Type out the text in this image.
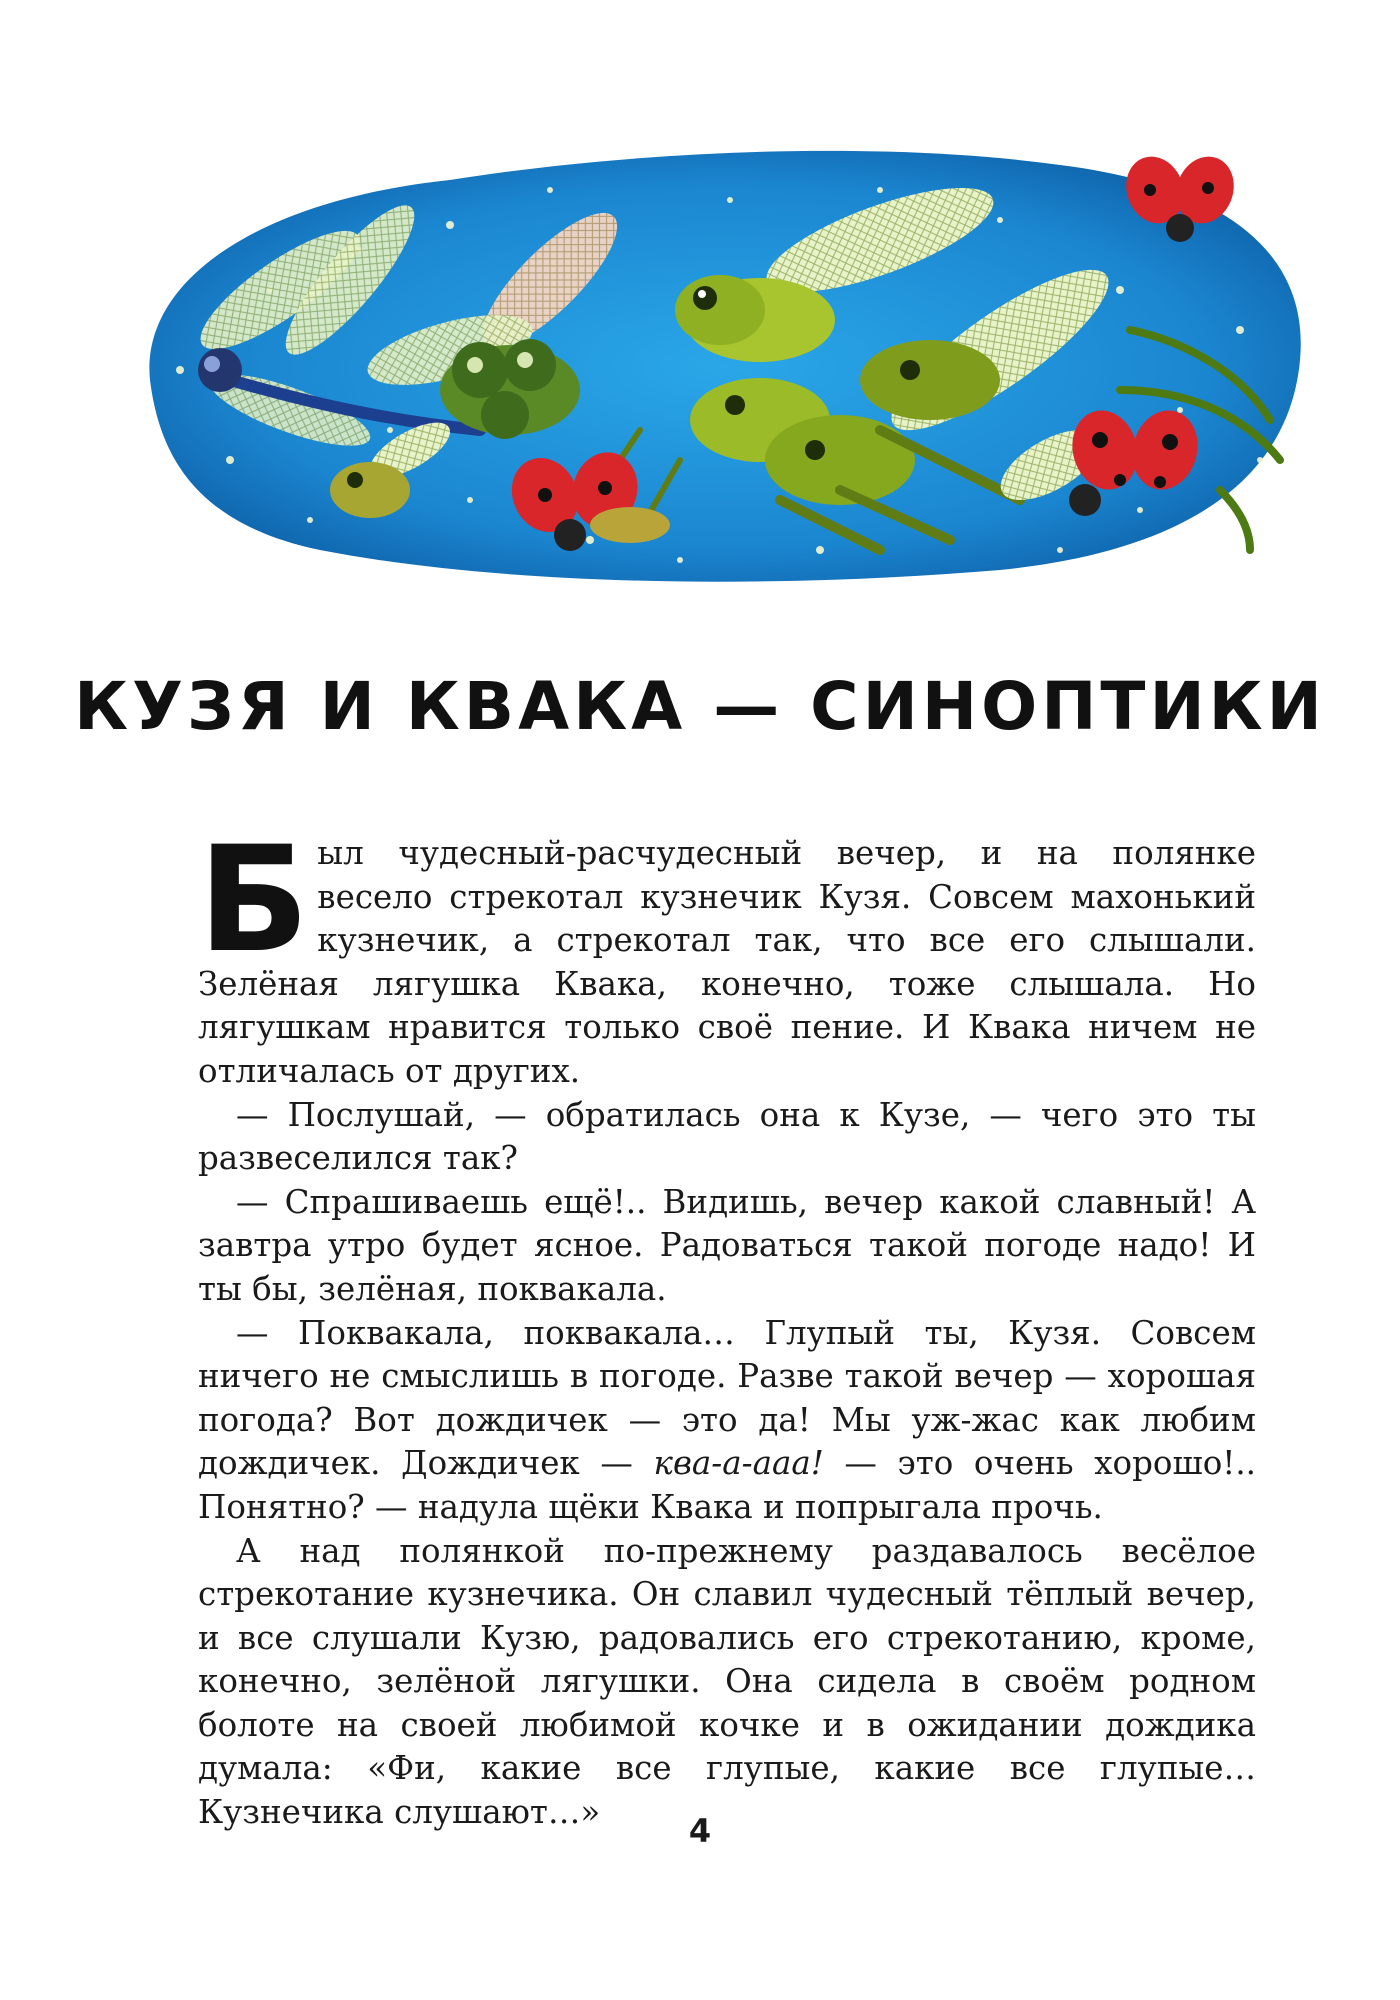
КУЗЯ И КВАКА — СИНОПТИКИ

Был чудесный-расчудесный вечер, и на полянке весело стрекотал кузнечик Кузя. Совсем махонький кузнечик, а стрекотал так, что все его слышали. Зелёная лягушка Квака, конечно, тоже слышала. Но лягушкам нравится только своё пение. И Квака ничем не отличалась от других.

— Послушай, — обратилась она к Кузе, — чего это ты развеселился так?

— Спрашиваешь ещё!.. Видишь, вечер какой славный! А завтра утро будет ясное. Радоваться такой погоде надо! И ты бы, зелёная, поквакала.

— Поквакала, поквакала… Глупый ты, Кузя. Совсем ничего не смыслишь в погоде. Разве такой вечер — хорошая погода? Вот дождичек — это да! Мы уж-жас как любим дождичек. Дождичек — ква-а-ааа! — это очень хорошо!.. Понятно? — надула щёки Квака и попрыгала прочь.

А над полянкой по-прежнему раздавалось весёлое стрекотание кузнечика. Он славил чудесный тёплый вечер, и все слушали Кузю, радовались его стрекотанию, кроме, конечно, зелёной лягушки. Она сидела в своём родном болоте на своей любимой кочке и в ожидании дождика думала: «Фи, какие все глупые, какие все глупые… Кузнечика слушают…»	4
